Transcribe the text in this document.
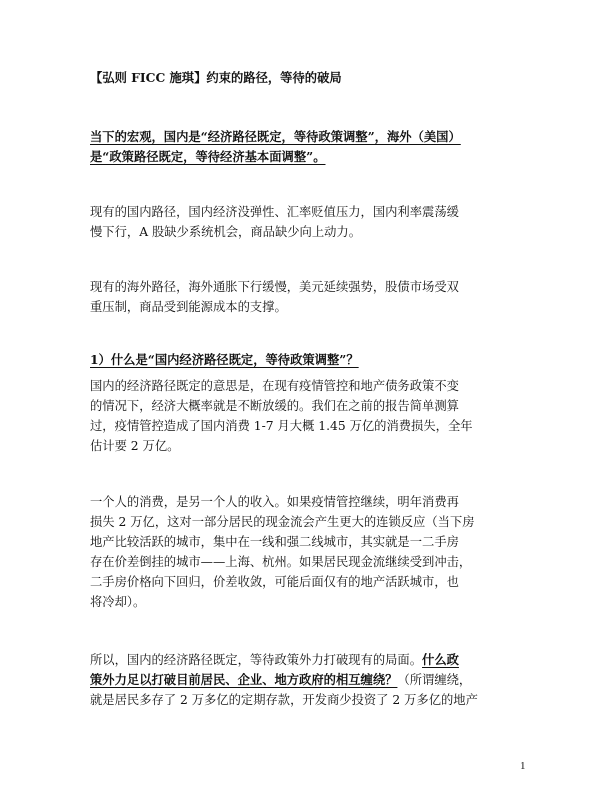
【弘则 FICC 施琪】约束的路径，等待的破局
当下的宏观，国内是“经济路径既定，等待政策调整”，海外（美国）
是“政策路径既定，等待经济基本面调整”。
现有的国内路径，国内经济没弹性、汇率贬值压力，国内利率震荡缓
慢下行，A 股缺少系统机会，商品缺少向上动力。
现有的海外路径，海外通胀下行缓慢，美元延续强势，股债市场受双
重压制，商品受到能源成本的支撑。
1）什么是“国内经济路径既定，等待政策调整”？
国内的经济路径既定的意思是，在现有疫情管控和地产债务政策不变
的情况下，经济大概率就是不断放缓的。我们在之前的报告简单测算
过，疫情管控造成了国内消费 1-7 月大概 1.45 万亿的消费损失，全年
估计要 2 万亿。
一个人的消费，是另一个人的收入。如果疫情管控继续，明年消费再
损失 2 万亿，这对一部分居民的现金流会产生更大的连锁反应（当下房
地产比较活跃的城市，集中在一线和强二线城市，其实就是一二手房
存在价差倒挂的城市——上海、杭州。如果居民现金流继续受到冲击，
二手房价格向下回归，价差收敛，可能后面仅有的地产活跃城市，也
将冷却）。
所以，国内的经济路径既定，等待政策外力打破现有的局面。什么政
策外力足以打破目前居民、企业、地方政府的相互缠绕？（所谓缠绕，
就是居民多存了 2 万多亿的定期存款，开发商少投资了 2 万多亿的地产
1
